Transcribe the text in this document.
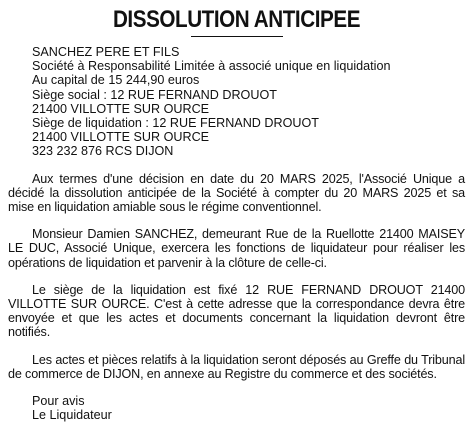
DISSOLUTION ANTICIPEE
SANCHEZ PERE ET FILS
Société à Responsabilité Limitée à associé unique en liquidation
Au capital de 15 244,90 euros
Siège social : 12 RUE FERNAND DROUOT
21400 VILLOTTE SUR OURCE
Siège de liquidation : 12 RUE FERNAND DROUOT
21400 VILLOTTE SUR OURCE
323 232 876 RCS DIJON

Aux termes d'une décision en date du 20 MARS 2025, l'Associé Unique a décidé la dissolution anticipée de la Société à compter du 20 MARS 2025 et sa mise en liquidation amiable sous le régime conventionnel.

Monsieur Damien SANCHEZ, demeurant Rue de la Ruellotte 21400 MAISEY LE DUC, Associé Unique, exercera les fonctions de liquidateur pour réaliser les opérations de liquidation et parvenir à la clôture de celle-ci.

Le siège de la liquidation est fixé 12 RUE FERNAND DROUOT 21400 VILLOTTE SUR OURCE. C'est à cette adresse que la correspondance devra être envoyée et que les actes et documents concernant la liquidation devront être notifiés.

Les actes et pièces relatifs à la liquidation seront déposés au Greffe du Tribunal de commerce de DIJON, en annexe au Registre du commerce et des sociétés.

Pour avis
Le Liquidateur
